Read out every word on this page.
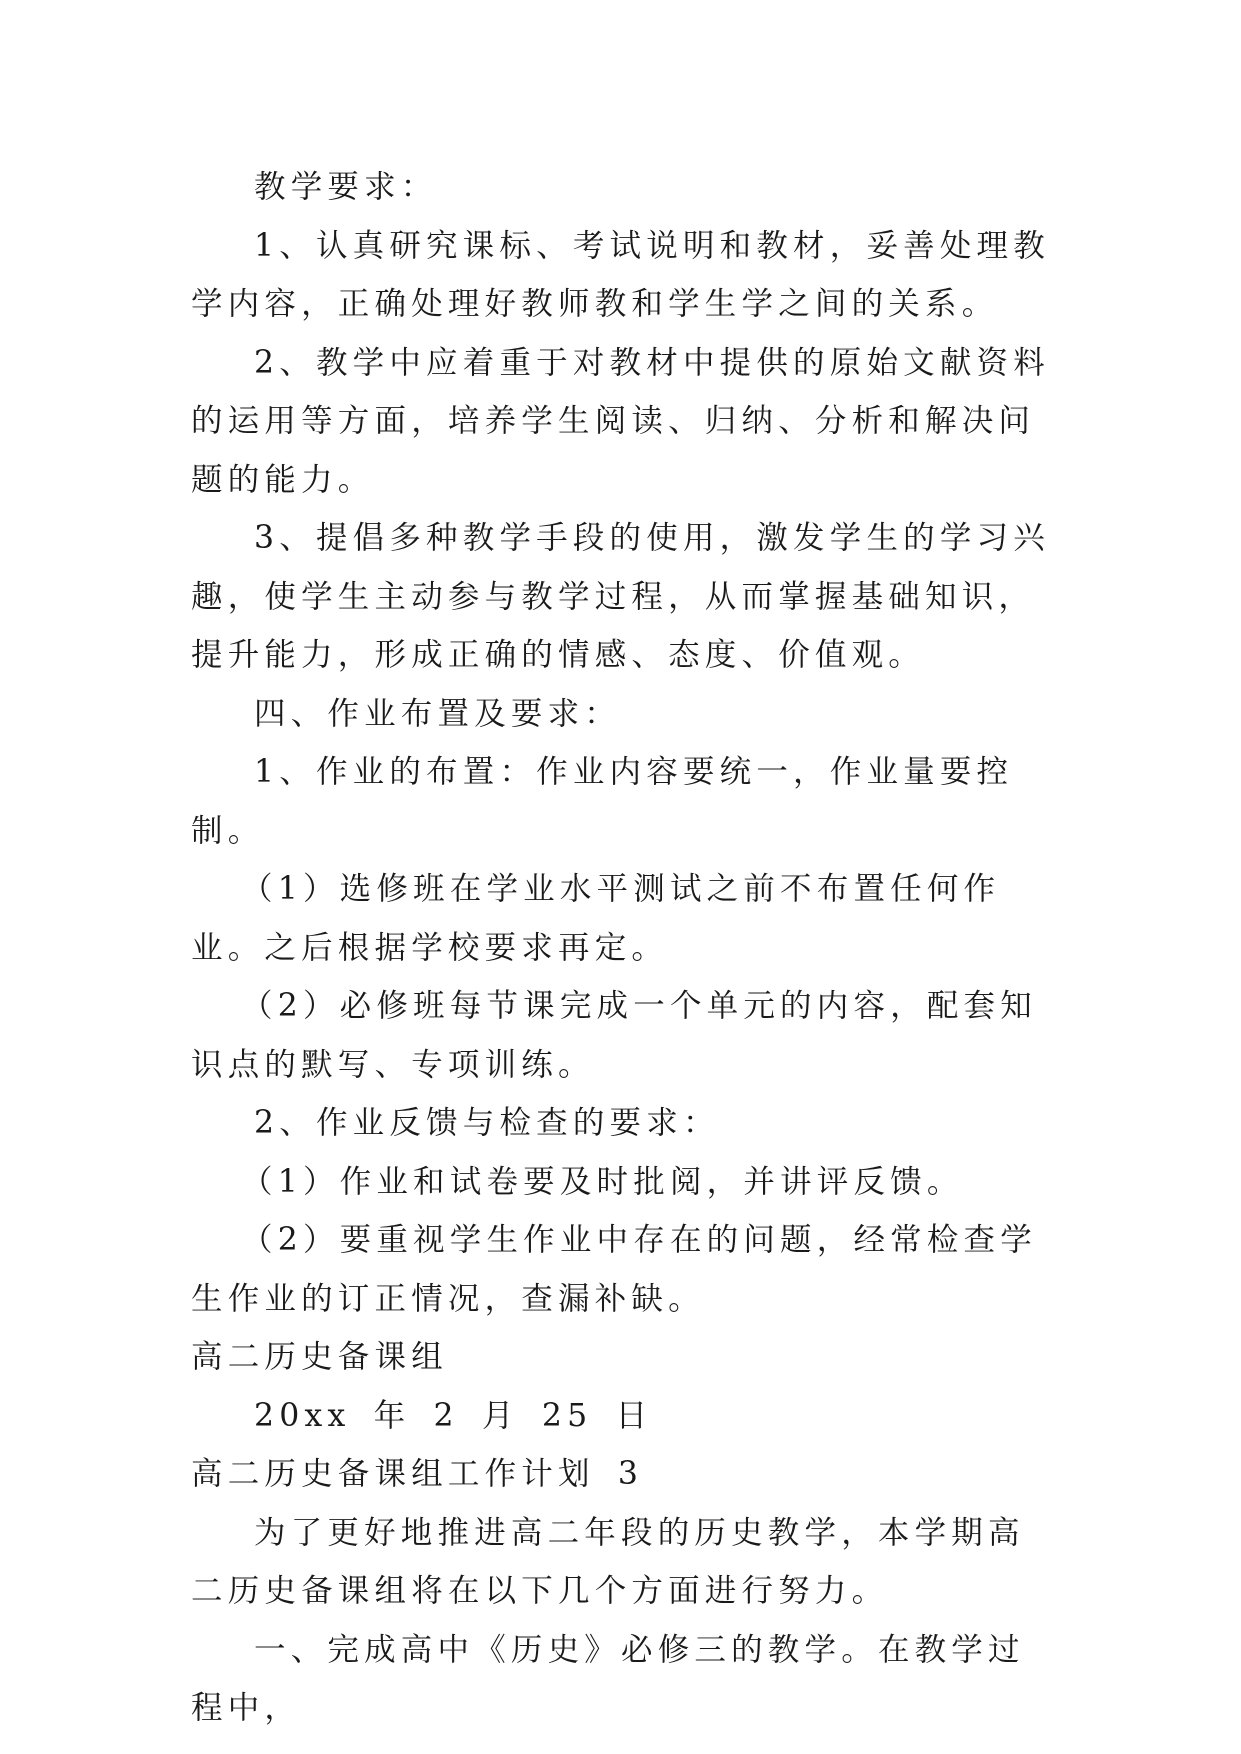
教学要求：

1、认真研究课标、考试说明和教材，妥善处理教学内容，正确处理好教师教和学生学之间的关系。

2、教学中应着重于对教材中提供的原始文献资料的运用等方面，培养学生阅读、归纳、分析和解决问题的能力。

3、提倡多种教学手段的使用，激发学生的学习兴趣，使学生主动参与教学过程，从而掌握基础知识，提升能力，形成正确的情感、态度、价值观。

四、作业布置及要求：

1、作业的布置：作业内容要统一，作业量要控制。

（1）选修班在学业水平测试之前不布置任何作业。之后根据学校要求再定。

（2）必修班每节课完成一个单元的内容，配套知识点的默写、专项训练。

2、作业反馈与检查的要求：

（1）作业和试卷要及时批阅，并讲评反馈。

（2）要重视学生作业中存在的问题，经常检查学生作业的订正情况，查漏补缺。

高二历史备课组

20xx 年 2 月 25 日

高二历史备课组工作计划 3

为了更好地推进高二年段的历史教学，本学期高二历史备课组将在以下几个方面进行努力。

一、完成高中《历史》必修三的教学。在教学过程中，
